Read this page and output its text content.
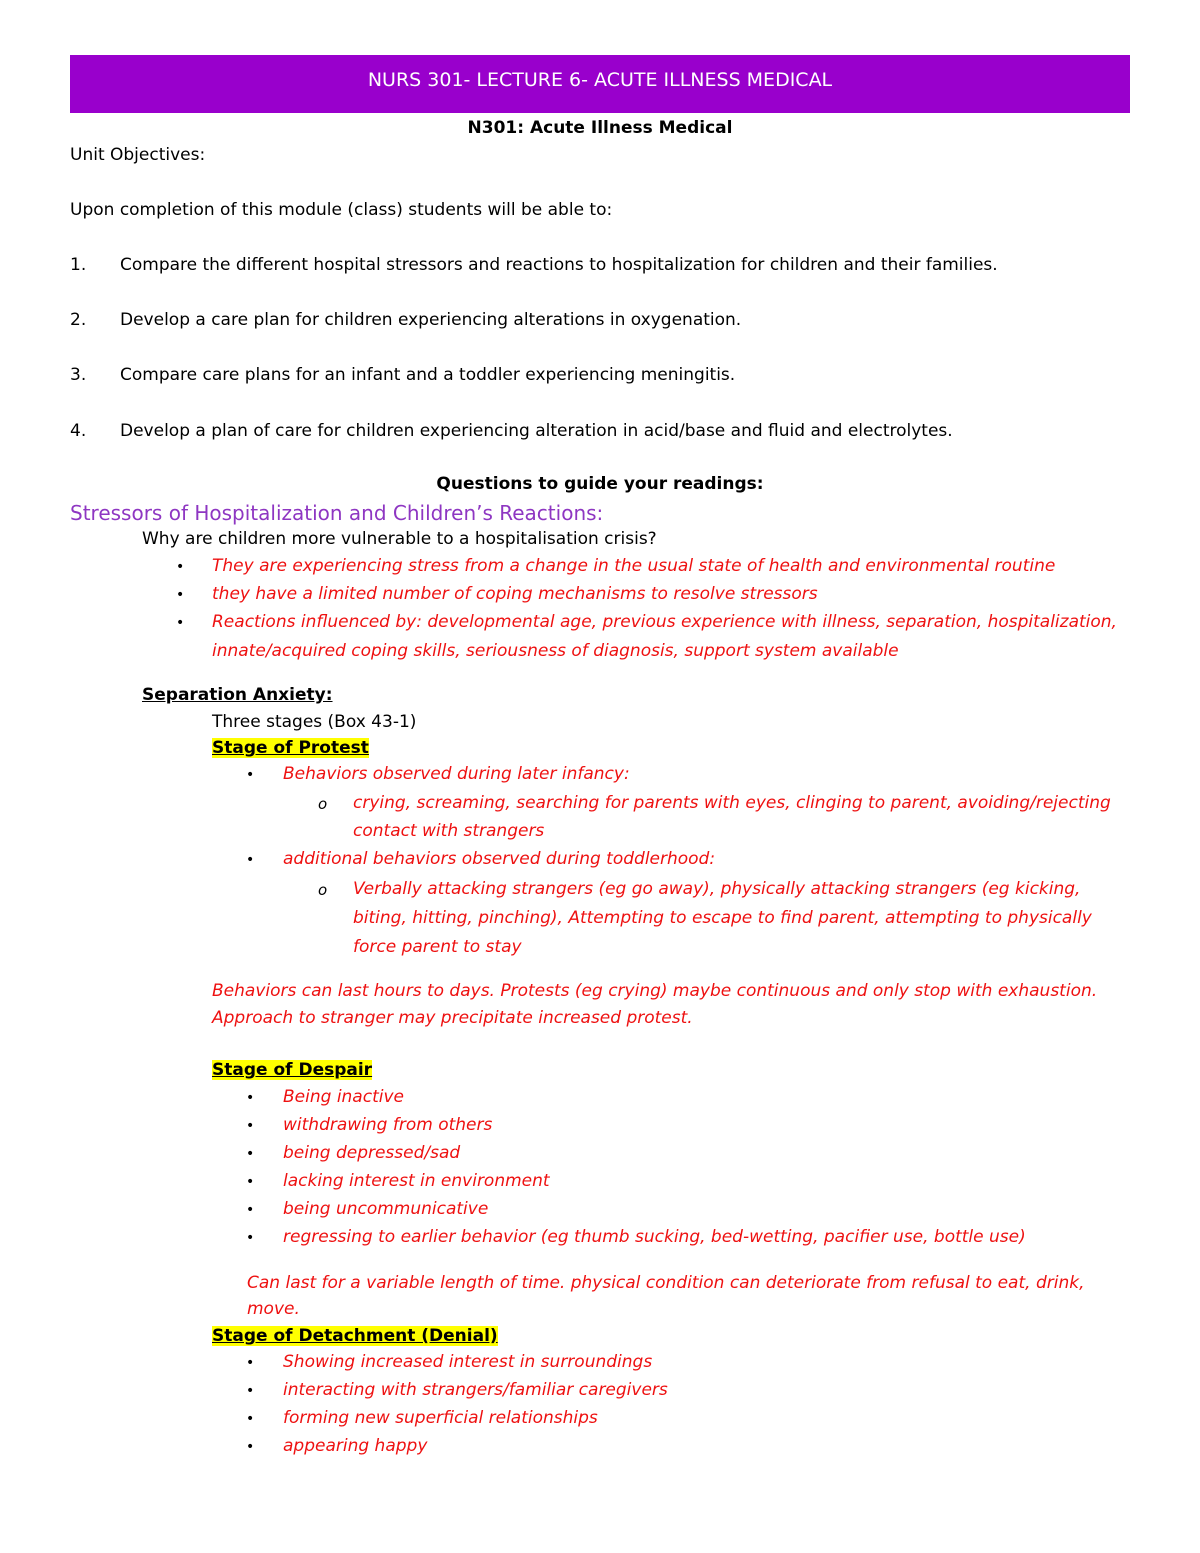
NURS 301- LECTURE 6- ACUTE ILLNESS MEDICAL
N301: Acute Illness Medical
Unit Objectives:
Upon completion of this module (class) students will be able to:
1. Compare the different hospital stressors and reactions to hospitalization for children and their families.
2. Develop a care plan for children experiencing alterations in oxygenation.
3. Compare care plans for an infant and a toddler experiencing meningitis.
4. Develop a plan of care for children experiencing alteration in acid/base and fluid and electrolytes.
Questions to guide your readings:
Stressors of Hospitalization and Children’s Reactions:
Why are children more vulnerable to a hospitalisation crisis?
• They are experiencing stress from a change in the usual state of health and environmental routine
• they have a limited number of coping mechanisms to resolve stressors
• Reactions influenced by: developmental age, previous experience with illness, separation, hospitalization,
innate/acquired coping skills, seriousness of diagnosis, support system available
Separation Anxiety:
Three stages (Box 43-1)
Stage of Protest
• Behaviors observed during later infancy:
o crying, screaming, searching for parents with eyes, clinging to parent, avoiding/rejecting
contact with strangers
• additional behaviors observed during toddlerhood:
o Verbally attacking strangers (eg go away), physically attacking strangers (eg kicking,
biting, hitting, pinching), Attempting to escape to find parent, attempting to physically
force parent to stay
Behaviors can last hours to days. Protests (eg crying) maybe continuous and only stop with exhaustion.
Approach to stranger may precipitate increased protest.
Stage of Despair
• Being inactive
• withdrawing from others
• being depressed/sad
• lacking interest in environment
• being uncommunicative
• regressing to earlier behavior (eg thumb sucking, bed-wetting, pacifier use, bottle use)
Can last for a variable length of time. physical condition can deteriorate from refusal to eat, drink,
move.
Stage of Detachment (Denial)
• Showing increased interest in surroundings
• interacting with strangers/familiar caregivers
• forming new superficial relationships
• appearing happy
